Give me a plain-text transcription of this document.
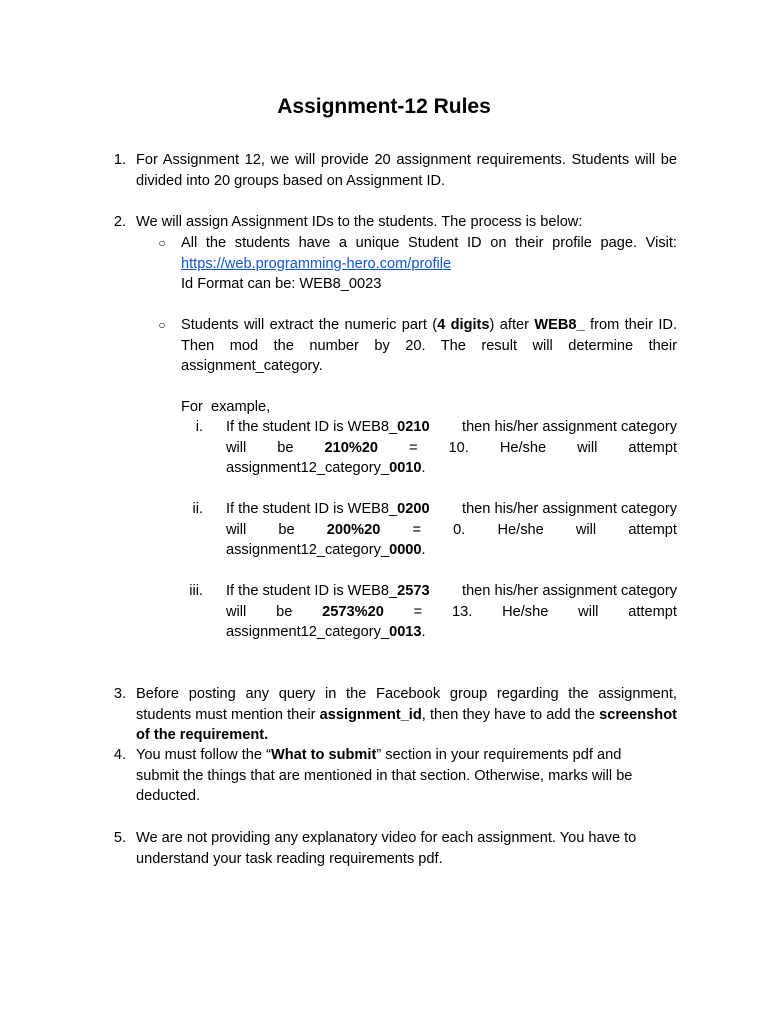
Assignment-12 Rules
1. For Assignment 12, we will provide 20 assignment requirements. Students will be divided into 20 groups based on Assignment ID.
2. We will assign Assignment IDs to the students. The process is below:
○ All the students have a unique Student ID on their profile page. Visit:
https://web.programming-hero.com/profile
Id Format can be: WEB8_0023
○ Students will extract the numeric part (4 digits) after WEB8_ from their ID. Then mod the number by 20. The result will determine their assignment_category.
For  example,
i. If the student ID is WEB8_0210 then his/her assignment category
will be 210%20 = 10. He/she will attempt
assignment12_category_0010.
ii. If the student ID is WEB8_0200 then his/her assignment category
will be 200%20 = 0. He/she will attempt
assignment12_category_0000.
iii. If the student ID is WEB8_2573 then his/her assignment category
will be 2573%20 = 13. He/she will attempt
assignment12_category_0013.
3. Before posting any query in the Facebook group regarding the assignment, students must mention their assignment_id, then they have to add the screenshot of the requirement.
4. You must follow the “What to submit” section in your requirements pdf and
submit the things that are mentioned in that section. Otherwise, marks will be
deducted.
5. We are not providing any explanatory video for each assignment. You have to
understand your task reading requirements pdf.
